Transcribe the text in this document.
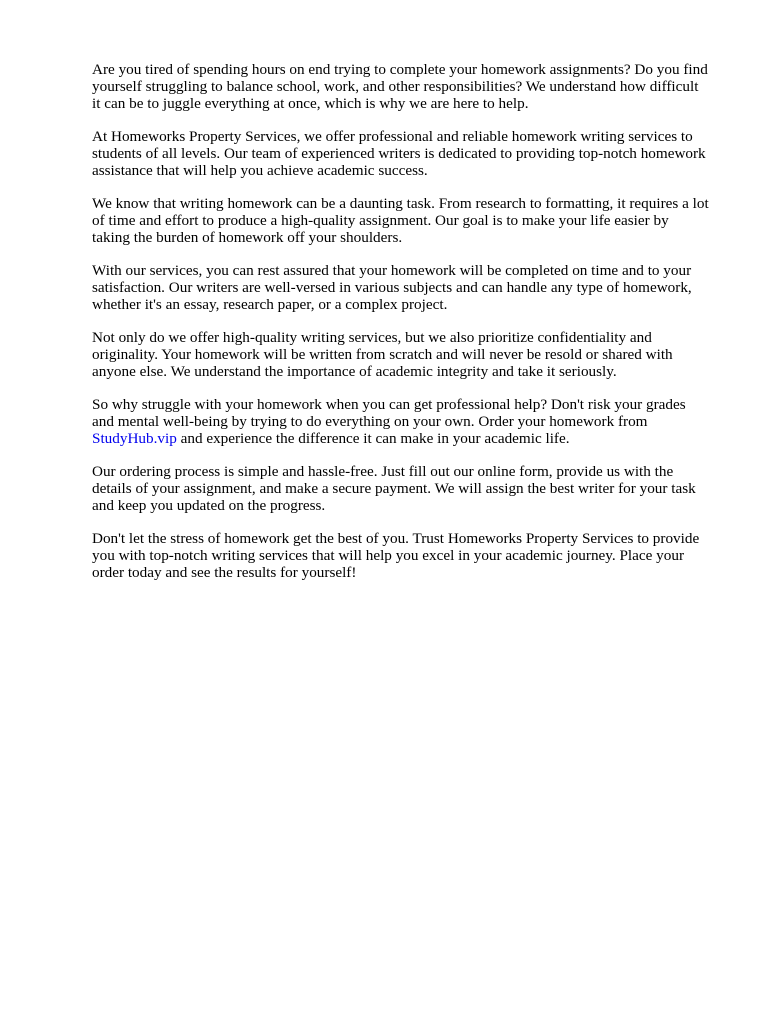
Are you tired of spending hours on end trying to complete your homework assignments? Do you find
yourself struggling to balance school, work, and other responsibilities? We understand how difficult
it can be to juggle everything at once, which is why we are here to help.

At Homeworks Property Services, we offer professional and reliable homework writing services to
students of all levels. Our team of experienced writers is dedicated to providing top-notch homework
assistance that will help you achieve academic success.

We know that writing homework can be a daunting task. From research to formatting, it requires a lot
of time and effort to produce a high-quality assignment. Our goal is to make your life easier by
taking the burden of homework off your shoulders.

With our services, you can rest assured that your homework will be completed on time and to your
satisfaction. Our writers are well-versed in various subjects and can handle any type of homework,
whether it's an essay, research paper, or a complex project.

Not only do we offer high-quality writing services, but we also prioritize confidentiality and
originality. Your homework will be written from scratch and will never be resold or shared with
anyone else. We understand the importance of academic integrity and take it seriously.

So why struggle with your homework when you can get professional help? Don't risk your grades
and mental well-being by trying to do everything on your own. Order your homework from
StudyHub.vip and experience the difference it can make in your academic life.

Our ordering process is simple and hassle-free. Just fill out our online form, provide us with the
details of your assignment, and make a secure payment. We will assign the best writer for your task
and keep you updated on the progress.

Don't let the stress of homework get the best of you. Trust Homeworks Property Services to provide
you with top-notch writing services that will help you excel in your academic journey. Place your
order today and see the results for yourself!
